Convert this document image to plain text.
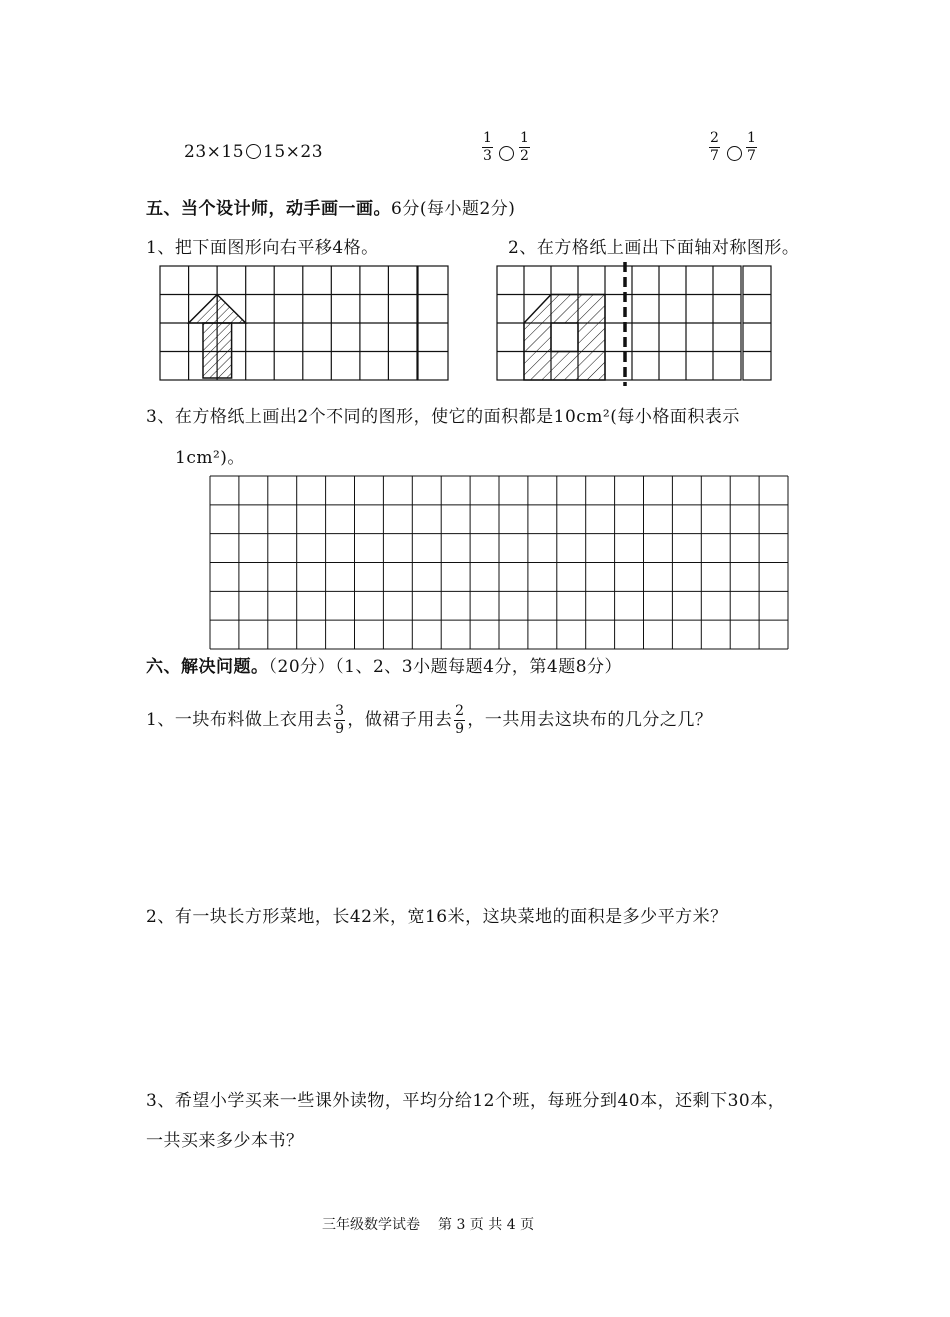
23×15 15×23
1
3
1
2
2
7
1
7
五、当个设计师，动手画一画。6分(每小题2分)
1、把下面图形向右平移4格。	2、在方格纸上画出下面轴对称图形。
3、在方格纸上画出2个不同的图形，使它的面积都是10cm²(每小格面积表示
1cm²)。
六、解决问题。（20分）（1、2、3小题每题4分，第4题8分）
1、一块布料做上衣用去 $\frac{3}{9}$ ，做裙子用去 $\frac{2}{9}$ ，一共用去这块布的几分之几？
2、有一块长方形菜地，长42米，宽16米，这块菜地的面积是多少平方米？
3、希望小学买来一些课外读物，平均分给12个班，每班分到40本，还剩下30本，
一共买来多少本书？
三年级数学试卷 第 3 页 共 4 页
